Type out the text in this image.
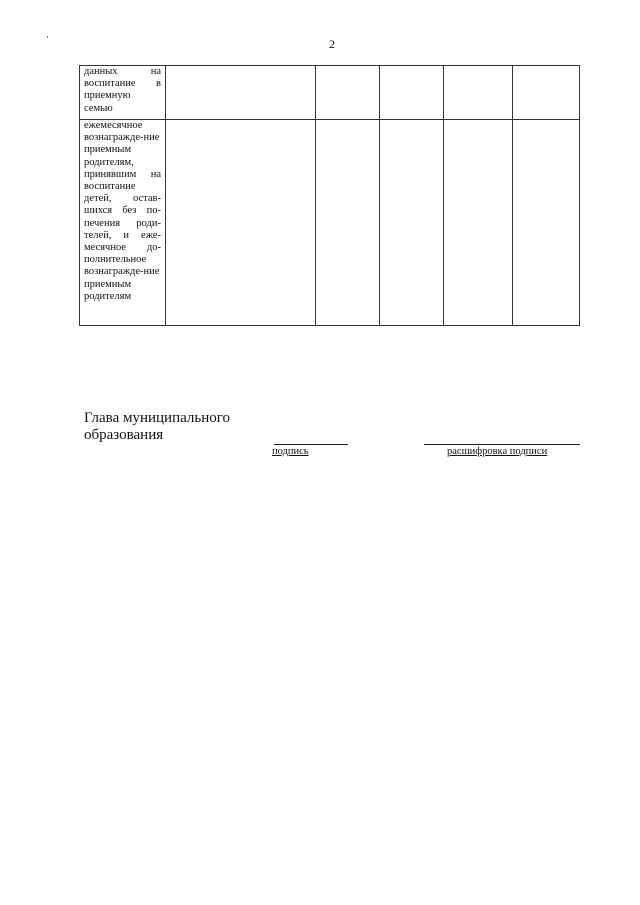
2
данных на воспитание в приемную семью					
ежемесячное вознагражде-ние приемным родителям, принявшим на воспитание детей, остав-шихся без по-печения роди-телей, и еже-месячное до-полнительное вознагражде-ние приемным родителям					
Глава муниципального образования
подпись	расшифровка подписи
